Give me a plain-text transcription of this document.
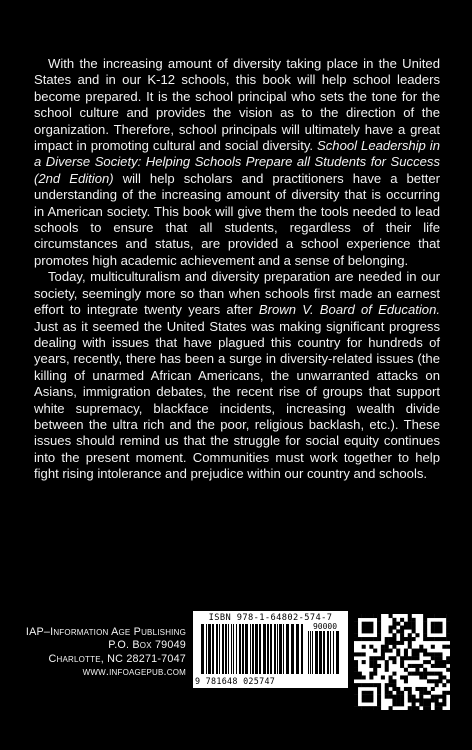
With the increasing amount of diversity taking place in the United States and in our K-12 schools, this book will help school leaders become prepared. It is the school principal who sets the tone for the school culture and provides the vision as to the direction of the organization. Therefore, school principals will ultimately have a great impact in promoting cultural and social diversity. School Leadership in a Diverse Society: Helping Schools Prepare all Students for Success (2nd Edition) will help scholars and practitioners have a better understanding of the increasing amount of diversity that is occurring in American society. This book will give them the tools needed to lead schools to ensure that all students, regardless of their life circumstances and status, are provided a school experience that promotes high academic achievement and a sense of belonging.

Today, multiculturalism and diversity preparation are needed in our society, seemingly more so than when schools first made an earnest effort to integrate twenty years after Brown V. Board of Education. Just as it seemed the United States was making significant progress dealing with issues that have plagued this country for hundreds of years, recently, there has been a surge in diversity-related issues (the killing of unarmed African Americans, the unwarranted attacks on Asians, immigration debates, the recent rise of groups that support white supremacy, blackface incidents, increasing wealth divide between the ultra rich and the poor, religious backlash, etc.). These issues should remind us that the struggle for social equity continues into the present moment. Communities must work together to help fight rising intolerance and prejudice within our country and schools.

IAP–Information Age Publishing
P.O. Box 79049
Charlotte, NC 28271-7047
www.infoagepub.com
ISBN 978-1-64802-574-7
90000
9 781648 025747
